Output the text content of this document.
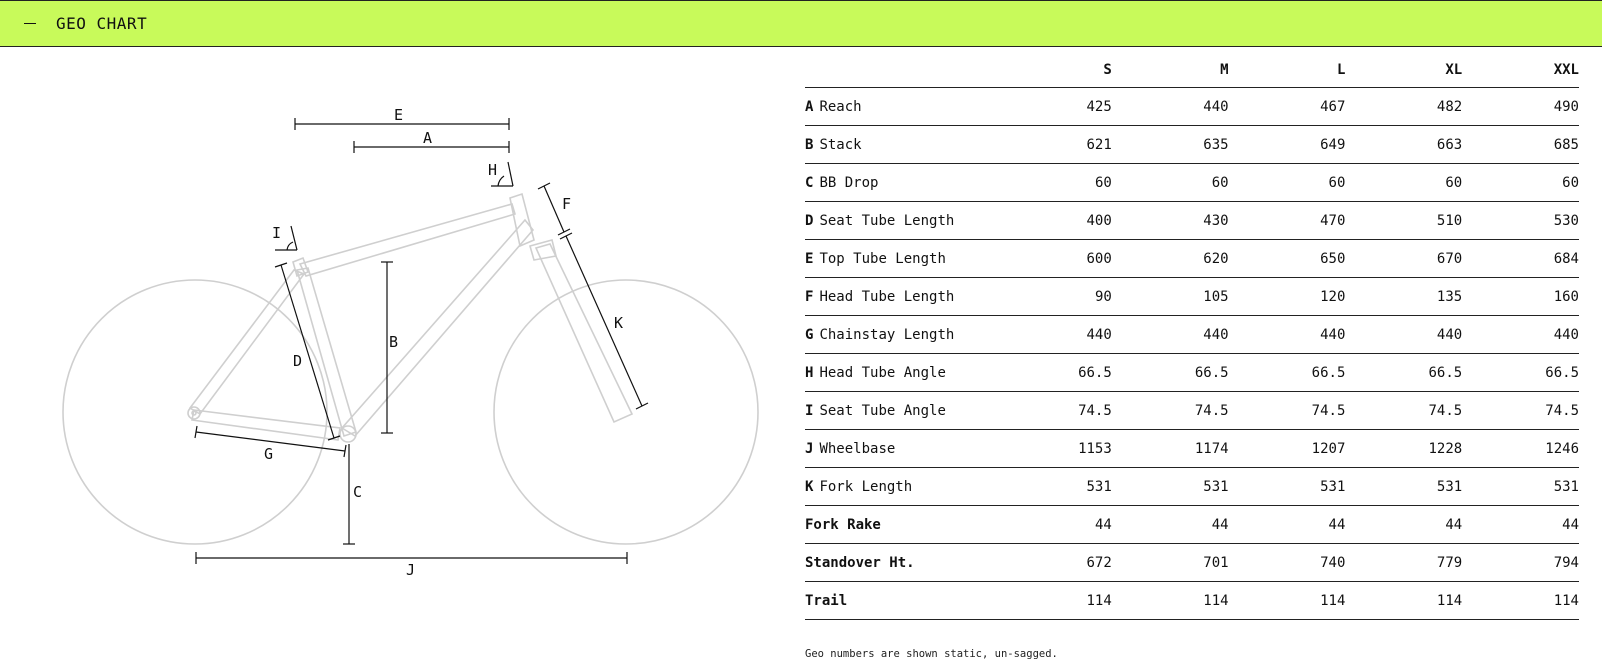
GEO CHART
E
A
H
I
F
K
D
B
G
C
J
	S	M	L	XL	XXL
A Reach	425	440	467	482	490
B Stack	621	635	649	663	685
C BB Drop	60	60	60	60	60
D Seat Tube Length	400	430	470	510	530
E Top Tube Length	600	620	650	670	684
F Head Tube Length	90	105	120	135	160
G Chainstay Length	440	440	440	440	440
H Head Tube Angle	66.5	66.5	66.5	66.5	66.5
I Seat Tube Angle	74.5	74.5	74.5	74.5	74.5
J Wheelbase	1153	1174	1207	1228	1246
K Fork Length	531	531	531	531	531
Fork Rake	44	44	44	44	44
Standover Ht.	672	701	740	779	794
Trail	114	114	114	114	114
Geo numbers are shown static, un-sagged.
